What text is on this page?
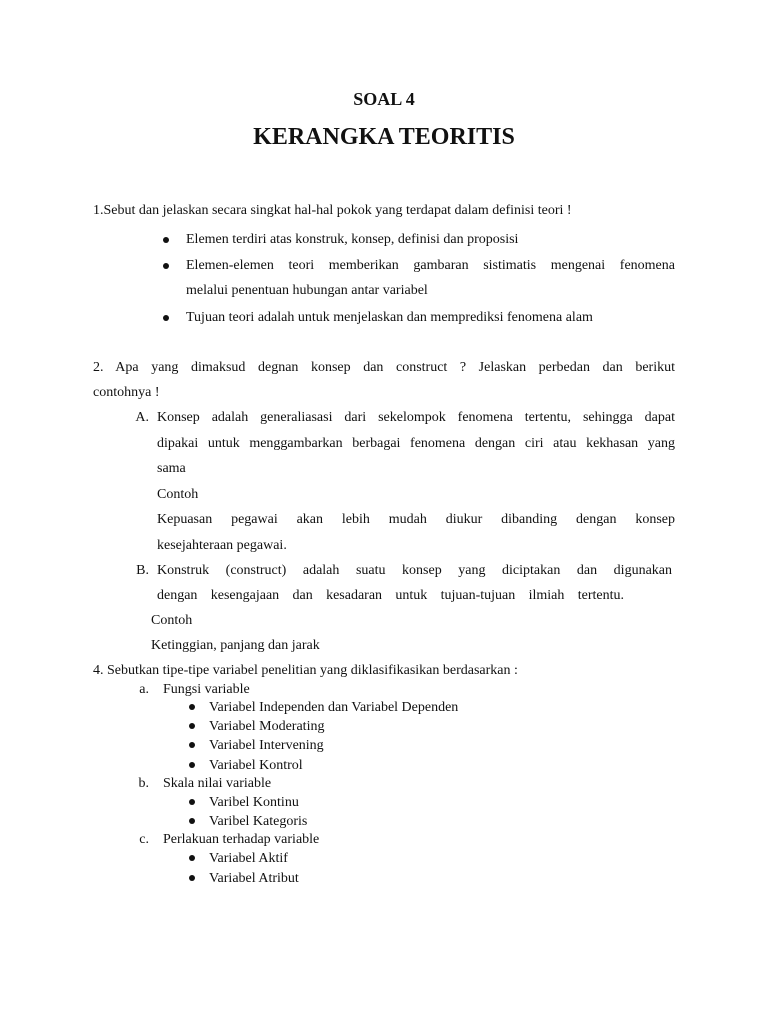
SOAL 4
KERANGKA TEORITIS
1.Sebut dan jelaskan secara singkat hal-hal pokok yang terdapat dalam definisi teori !
Elemen terdiri atas konstruk, konsep, definisi dan proposisi
Elemen-elemen teori memberikan gambaran sistimatis mengenai fenomena
melalui penentuan hubungan antar variabel
Tujuan teori adalah untuk menjelaskan dan memprediksi fenomena alam
2. Apa yang dimaksud degnan konsep dan construct ? Jelaskan perbedan dan berikut
contohnya !
A. Konsep adalah generaliasasi dari sekelompok fenomena tertentu, sehingga dapat
dipakai untuk menggambarkan berbagai fenomena dengan ciri atau kekhasan yang
sama
Contoh
Kepuasan pegawai akan lebih mudah diukur dibanding dengan konsep
kesejahteraan pegawai.
B. Konstruk (construct) adalah suatu konsep yang diciptakan dan digunakan
dengan kesengajaan dan kesadaran untuk tujuan-tujuan ilmiah tertentu.
Contoh
Ketinggian, panjang dan jarak
4. Sebutkan tipe-tipe variabel penelitian yang diklasifikasikan berdasarkan :
a. Fungsi variable
Variabel Independen dan Variabel Dependen
Variabel Moderating
Variabel Intervening
Variabel Kontrol
b. Skala nilai variable
Varibel Kontinu
Varibel Kategoris
c. Perlakuan terhadap variable
Variabel Aktif
Variabel Atribut
